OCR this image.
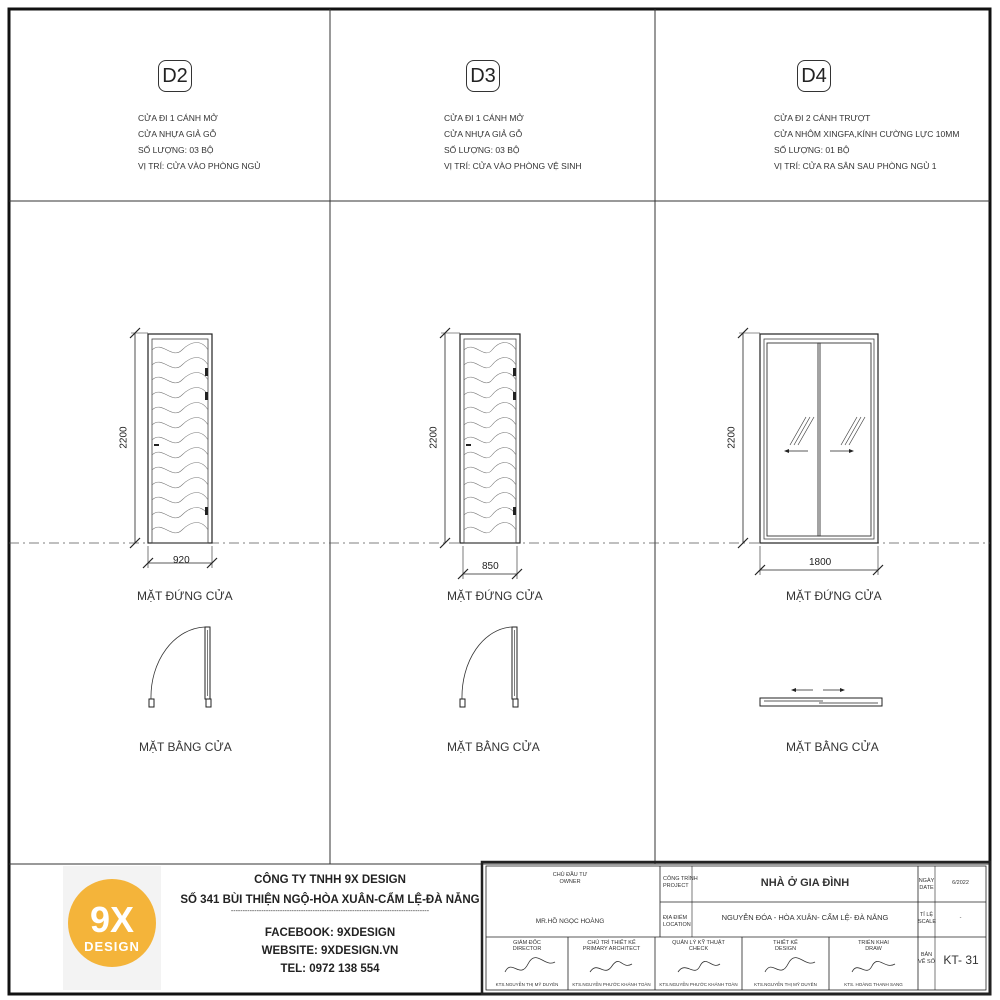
D2
CỬA ĐI 1 CÁNH MỞ
CỬA NHỰA GIẢ GỖ
SỐ LƯỢNG: 03 BỘ
VỊ TRÍ: CỬA VÀO PHÒNG NGỦ
2200
920
MẶT ĐỨNG CỬA
MẶT BẰNG CỬA
D3
CỬA ĐI 1 CÁNH MỞ
CỬA NHỰA GIẢ GỖ
SỐ LƯỢNG: 03 BỘ
VỊ TRÍ: CỬA VÀO PHÒNG VỆ SINH
2200
850
MẶT ĐỨNG CỬA
MẶT BẰNG CỬA
D4
CỬA ĐI 2 CÁNH TRƯỢT
CỬA NHÔM XINGFA,KÍNH CƯỜNG LỰC 10MM
SỐ LƯỢNG: 01 BỘ
VỊ TRÍ: CỬA RA SÂN SAU PHÒNG NGỦ 1
2200
1800
MẶT ĐỨNG CỬA
MẶT BẰNG CỬA
9X
DESIGN
CÔNG TY TNHH 9X DESIGN
SỐ 341 BÙI THIỆN NGỘ-HÒA XUÂN-CẨM LỆ-ĐÀ NẴNG
-------------------------------------------------------------------------------------
FACEBOOK: 9XDESIGN
WEBSITE: 9XDESIGN.VN
TEL: 0972 138 554
CHỦ ĐẦU TƯ
OWNER
MR.HỒ NGỌC HOÀNG
CÔNG TRÌNH
PROJECT	NHÀ Ở GIA ĐÌNH
ĐỊA ĐIỂM
LOCATION
NGUYỄN ĐÓA - HÒA XUÂN- CẨM LỆ- ĐÀ NẴNG
NGÀY
DATE
6/2022
TỈ LỆ
SCALE
-
BẢN VẼ SỐ KT- 31
GIÁM ĐỐC
DIRECTOR
KTS.NGUYỄN THỊ MỸ DUYÊN
CHỦ TRÌ THIẾT KẾ
PRIMARY ARCHITECT
KTS.NGUYỄN PHƯỚC KHÁNH TOÀN
QUẢN LÝ KỸ THUẬT
CHECK
KTS.NGUYỄN PHƯỚC KHÁNH TOÀN
THIẾT KẾ
DESIGN
KTS.NGUYỄN THỊ MỸ DUYÊN
TRIỂN KHAI
DRAW
KTS. HOÀNG THANH SANG
